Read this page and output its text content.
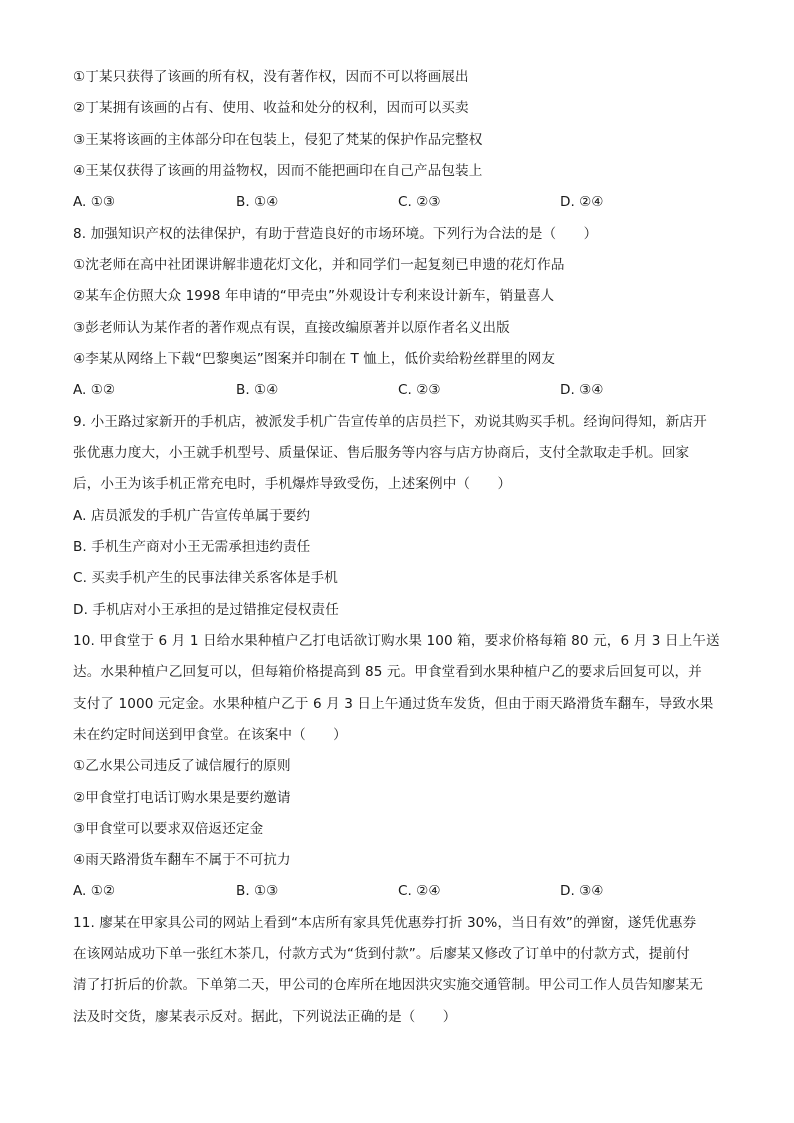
①丁某只获得了该画的所有权，没有著作权，因而不可以将画展出
②丁某拥有该画的占有、使用、收益和处分的权利，因而可以买卖
③王某将该画的主体部分印在包装上，侵犯了梵某的保护作品完整权
④王某仅获得了该画的用益物权，因而不能把画印在自己产品包装上
A. ①③	B. ①④	C. ②③	D. ②④
8. 加强知识产权的法律保护，有助于营造良好的市场环境。下列行为合法的是（　　）
①沈老师在高中社团课讲解非遗花灯文化，并和同学们一起复刻已申遗的花灯作品
②某车企仿照大众 1998 年申请的“甲壳虫”外观设计专利来设计新车，销量喜人
③彭老师认为某作者的著作观点有误，直接改编原著并以原作者名义出版
④李某从网络上下载“巴黎奥运”图案并印制在 T 恤上，低价卖给粉丝群里的网友
A. ①②	B. ①④	C. ②③	D. ③④
9. 小王路过家新开的手机店，被派发手机广告宣传单的店员拦下，劝说其购买手机。经询问得知，新店开
张优惠力度大，小王就手机型号、质量保证、售后服务等内容与店方协商后，支付全款取走手机。回家
后，小王为该手机正常充电时，手机爆炸导致受伤，上述案例中（　　）
A. 店员派发的手机广告宣传单属于要约
B. 手机生产商对小王无需承担违约责任
C. 买卖手机产生的民事法律关系客体是手机
D. 手机店对小王承担的是过错推定侵权责任
10. 甲食堂于 6 月 1 日给水果种植户乙打电话欲订购水果 100 箱，要求价格每箱 80 元，6 月 3 日上午送
达。水果种植户乙回复可以，但每箱价格提高到 85 元。甲食堂看到水果种植户乙的要求后回复可以，并
支付了 1000 元定金。水果种植户乙于 6 月 3 日上午通过货车发货，但由于雨天路滑货车翻车，导致水果
未在约定时间送到甲食堂。在该案中（　　）
①乙水果公司违反了诚信履行的原则
②甲食堂打电话订购水果是要约邀请
③甲食堂可以要求双倍返还定金
④雨天路滑货车翻车不属于不可抗力
A. ①②	B. ①③	C. ②④	D. ③④
11. 廖某在甲家具公司的网站上看到“本店所有家具凭优惠券打折 30%，当日有效”的弹窗，遂凭优惠券
在该网站成功下单一张红木茶几，付款方式为“货到付款”。后廖某又修改了订单中的付款方式，提前付
清了打折后的价款。下单第二天，甲公司的仓库所在地因洪灾实施交通管制。甲公司工作人员告知廖某无
法及时交货，廖某表示反对。据此，下列说法正确的是（　　）
